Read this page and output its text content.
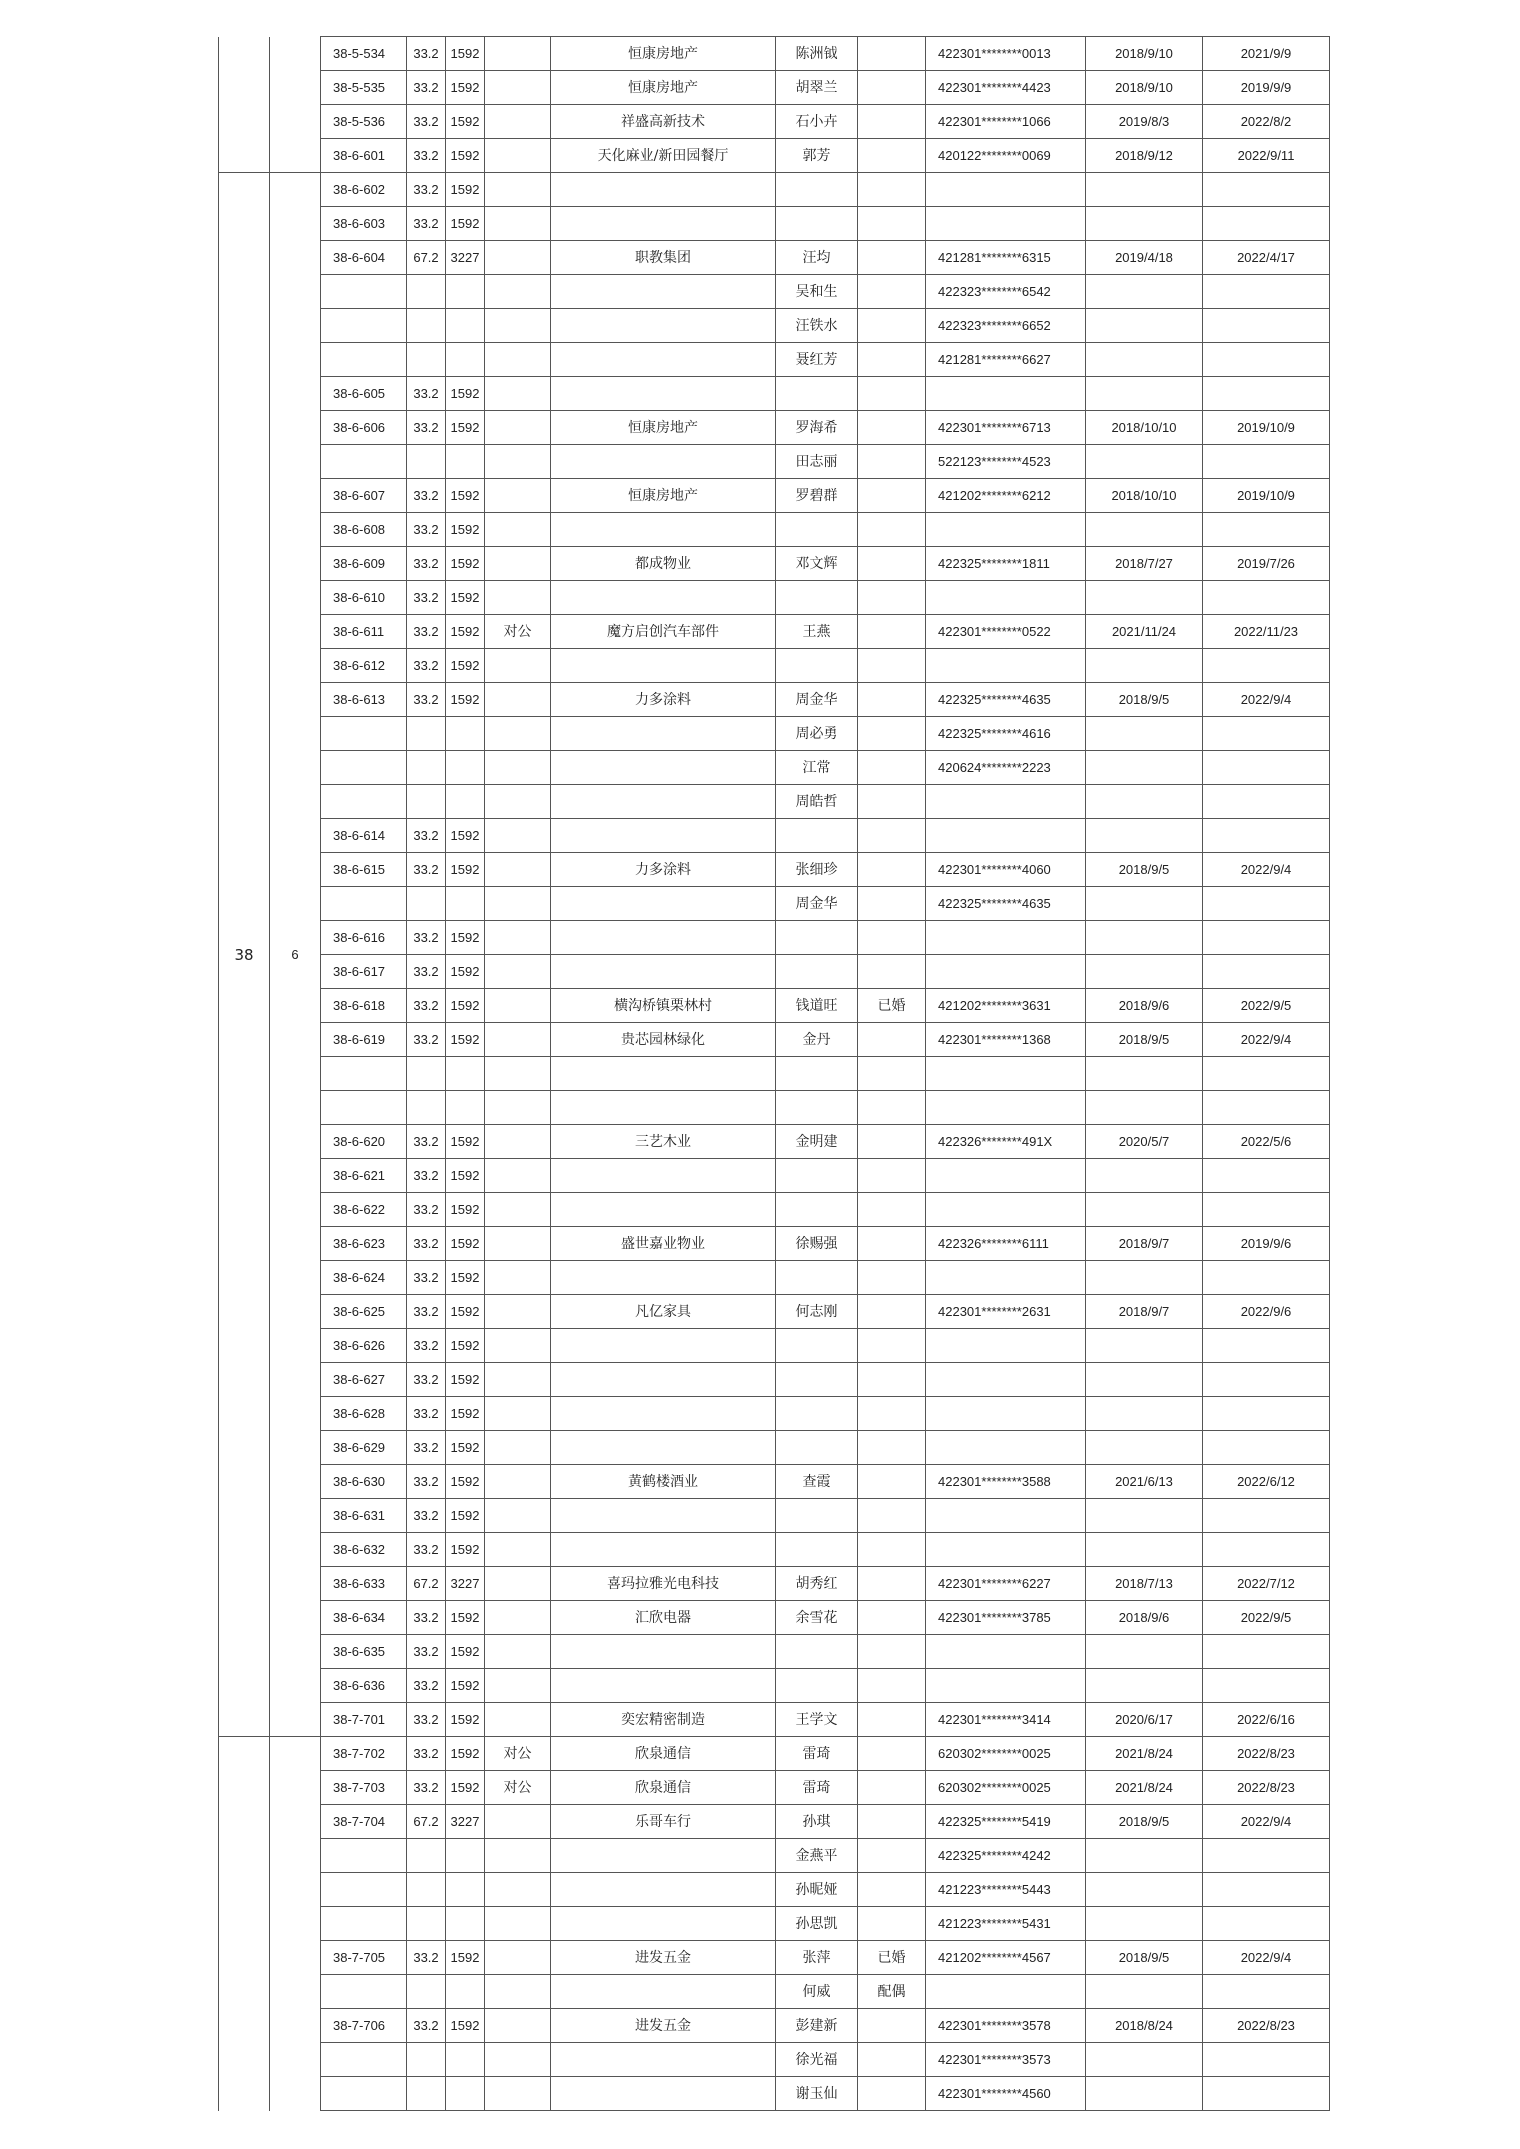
		38-5-534	33.2	1592		恒康房地产	陈洲钺		422301********0013	2018/9/10	2021/9/9
		38-5-535	33.2	1592		恒康房地产	胡翠兰		422301********4423	2018/9/10	2019/9/9
		38-5-536	33.2	1592		祥盛高新技术	石小卉		422301********1066	2019/8/3	2022/8/2
		38-6-601	33.2	1592		天化麻业/新田园餐厅	郭芳		420122********0069	2018/9/12	2022/9/11
38	6	38-6-602	33.2	1592							
		38-6-603	33.2	1592							
		38-6-604	67.2	3227		职教集团	汪均		421281********6315	2019/4/18	2022/4/17
							吴和生		422323********6542		
							汪铁水		422323********6652		
							聂红芳		421281********6627		
		38-6-605	33.2	1592							
		38-6-606	33.2	1592		恒康房地产	罗海希		422301********6713	2018/10/10	2019/10/9
							田志丽		522123********4523		
		38-6-607	33.2	1592		恒康房地产	罗碧群		421202********6212	2018/10/10	2019/10/9
		38-6-608	33.2	1592							
		38-6-609	33.2	1592		都成物业	邓文辉		422325********1811	2018/7/27	2019/7/26
		38-6-610	33.2	1592							
		38-6-611	33.2	1592	对公	魔方启创汽车部件	王燕		422301********0522	2021/11/24	2022/11/23
		38-6-612	33.2	1592							
		38-6-613	33.2	1592		力多涂料	周金华		422325********4635	2018/9/5	2022/9/4
							周必勇		422325********4616		
							江常		420624********2223		
							周皓哲				
		38-6-614	33.2	1592							
		38-6-615	33.2	1592		力多涂料	张细珍		422301********4060	2018/9/5	2022/9/4
							周金华		422325********4635		
		38-6-616	33.2	1592							
		38-6-617	33.2	1592							
		38-6-618	33.2	1592		横沟桥镇栗林村	钱道旺	已婚	421202********3631	2018/9/6	2022/9/5
		38-6-619	33.2	1592		贵芯园林绿化	金丹		422301********1368	2018/9/5	2022/9/4

		38-6-620	33.2	1592		三艺木业	金明建		422326********491X	2020/5/7	2022/5/6
		38-6-621	33.2	1592							
		38-6-622	33.2	1592							
		38-6-623	33.2	1592		盛世嘉业物业	徐赐强		422326********6111	2018/9/7	2019/9/6
		38-6-624	33.2	1592							
		38-6-625	33.2	1592		凡亿家具	何志刚		422301********2631	2018/9/7	2022/9/6
		38-6-626	33.2	1592							
		38-6-627	33.2	1592							
		38-6-628	33.2	1592							
		38-6-629	33.2	1592							
		38-6-630	33.2	1592		黄鹤楼酒业	查霞		422301********3588	2021/6/13	2022/6/12
		38-6-631	33.2	1592							
		38-6-632	33.2	1592							
		38-6-633	67.2	3227		喜玛拉雅光电科技	胡秀红		422301********6227	2018/7/13	2022/7/12
		38-6-634	33.2	1592		汇欣电器	余雪花		422301********3785	2018/9/6	2022/9/5
		38-6-635	33.2	1592							
		38-6-636	33.2	1592							
		38-7-701	33.2	1592		奕宏精密制造	王学文		422301********3414	2020/6/17	2022/6/16
		38-7-702	33.2	1592	对公	欣泉通信	雷琦		620302********0025	2021/8/24	2022/8/23
		38-7-703	33.2	1592	对公	欣泉通信	雷琦		620302********0025	2021/8/24	2022/8/23
		38-7-704	67.2	3227		乐哥车行	孙琪		422325********5419	2018/9/5	2022/9/4
							金燕平		422325********4242		
							孙昵娅		421223********5443		
							孙思凯		421223********5431		
		38-7-705	33.2	1592		进发五金	张萍	已婚	421202********4567	2018/9/5	2022/9/4
							何威	配偶			
		38-7-706	33.2	1592		进发五金	彭建新		422301********3578	2018/8/24	2022/8/23
							徐光福		422301********3573		
							谢玉仙		422301********4560		
